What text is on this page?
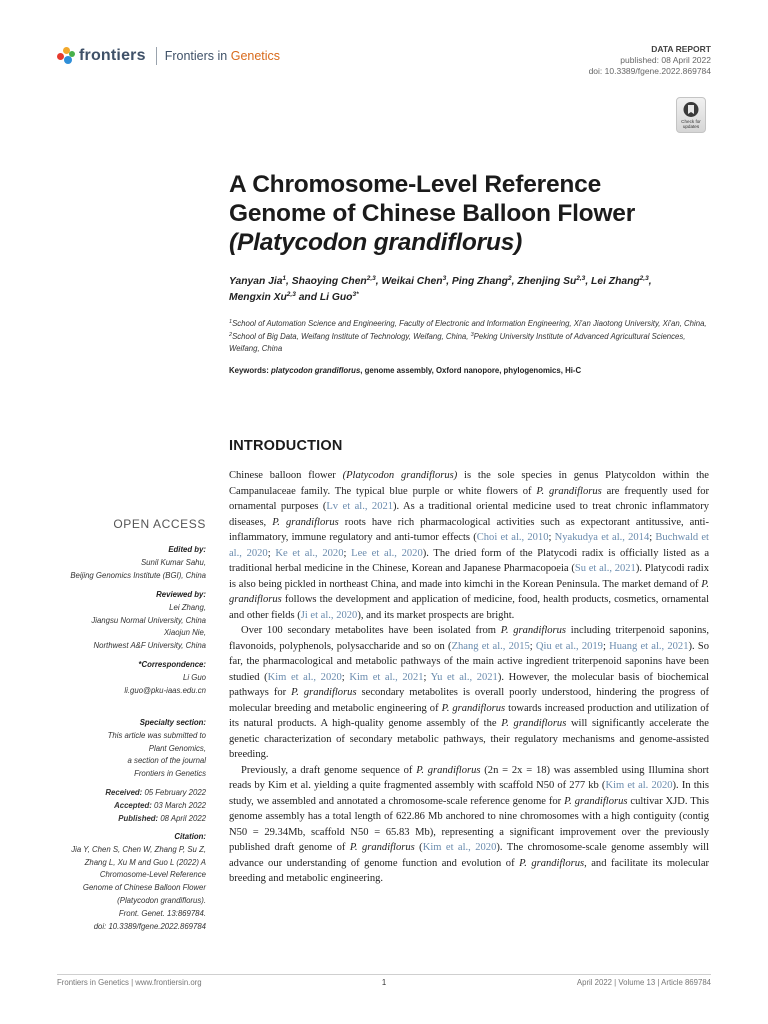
frontiers Frontiers in Genetics	DATA REPORT
published: 08 April 2022
doi: 10.3389/fgene.2022.869784
Check for updates
A Chromosome-Level Reference
Genome of Chinese Balloon Flower
(Platycodon grandiflorus)
Yanyan Jia$^1$, Shaoying Chen$^{2,3}$, Weikai Chen$^3$, Ping Zhang$^2$, Zhenjing Su$^{2,3}$, Lei Zhang$^{2,3}$,
Mengxin Xu$^{2,3}$ and Li Guo$^{3*}$
$^1$School of Automation Science and Engineering, Faculty of Electronic and Information Engineering, Xi'an Jiaotong University, Xi'an, China, $^2$School of Big Data, Weifang Institute of Technology, Weifang, China, $^3$Peking University Institute of Advanced Agricultural Sciences, Weifang, China
Keywords: platycodon grandiflorus, genome assembly, Oxford nanopore, phylogenomics, Hi-C
OPEN ACCESS
Edited by:
Sunil Kumar Sahu,
Beijing Genomics Institute (BGI), China
Reviewed by:
Lei Zhang,
Jiangsu Normal University, China
Xiaojun Nie,
Northwest A&F University, China
*Correspondence:
Li Guo
li.guo@pku-iaas.edu.cn
Specialty section:
This article was submitted to
Plant Genomics,
a section of the journal
Frontiers in Genetics
Received: 05 February 2022
Accepted: 03 March 2022
Published: 08 April 2022
Citation:
Jia Y, Chen S, Chen W, Zhang P, Su Z,
Zhang L, Xu M and Guo L (2022) A
Chromosome-Level Reference
Genome of Chinese Balloon Flower
(Platycodon grandiflorus).
Front. Genet. 13:869784.
doi: 10.3389/fgene.2022.869784
INTRODUCTION

Chinese balloon flower (Platycodon grandiflorus) is the sole species in genus Platycoldon within the Campanulaceae family. The typical blue purple or white flowers of P. grandiflorus are frequently used for ornamental purposes (Lv et al., 2021). As a traditional oriental medicine used to treat chronic inflammatory diseases, P. grandiflorus roots have rich pharmacological activities such as expectorant antitussive, anti-inflammatory, immune regulatory and anti-tumor effects (Choi et al., 2010; Nyakudya et al., 2014; Buchwald et al., 2020; Ke et al., 2020; Lee et al., 2020). The dried form of the Platycodi radix is officially listed as a traditional herbal medicine in the Chinese, Korean and Japanese Pharmacopoeia (Su et al., 2021). Platycodi radix is also being pickled in northeast China, and made into kimchi in the Korean Peninsula. The market demand of P. grandiflorus follows the development and application of medicine, food, health products, cosmetics, ornamental and other fields (Ji et al., 2020), and its market prospects are bright.

Over 100 secondary metabolites have been isolated from P. grandiflorus including triterpenoid saponins, flavonoids, polyphenols, polysaccharide and so on (Zhang et al., 2015; Qiu et al., 2019; Huang et al., 2021). So far, the pharmacological and metabolic pathways of the main active ingredient triterpenoid saponins have been studied (Kim et al., 2020; Kim et al., 2021; Yu et al., 2021). However, the molecular basis of biochemical pathways for P. grandiflorus secondary metabolites is overall poorly understood, hindering the progress of molecular breeding and metabolic engineering of P. grandiflorus towards increased production and utilization of its natural products. A high-quality genome assembly of the P. grandiflorus will significantly accelerate the genetic characterization of secondary metabolic pathways, their regulatory mechanisms and genome-assisted breeding.

Previously, a draft genome sequence of P. grandiflorus (2n = 2x = 18) was assembled using Illumina short reads by Kim et al. yielding a quite fragmented assembly with scaffold N50 of 277 kb (Kim et al. 2020). In this study, we assembled and annotated a chromosome-scale reference genome for P. grandiflorus cultivar XJD. This genome assembly has a total length of 622.86 Mb anchored to nine chromosomes with a high contiguity (contig N50 = 29.34Mb, scaffold N50 = 65.83 Mb), representing a significant improvement over the previously published draft genome of P. grandiflorus (Kim et al., 2020). The chromosome-scale genome assembly will advance our understanding of genome function and evolution of P. grandiflorus, and facilitate its molecular breeding and metabolic engineering.

Frontiers in Genetics | www.frontiersin.org	1	April 2022 | Volume 13 | Article 869784
